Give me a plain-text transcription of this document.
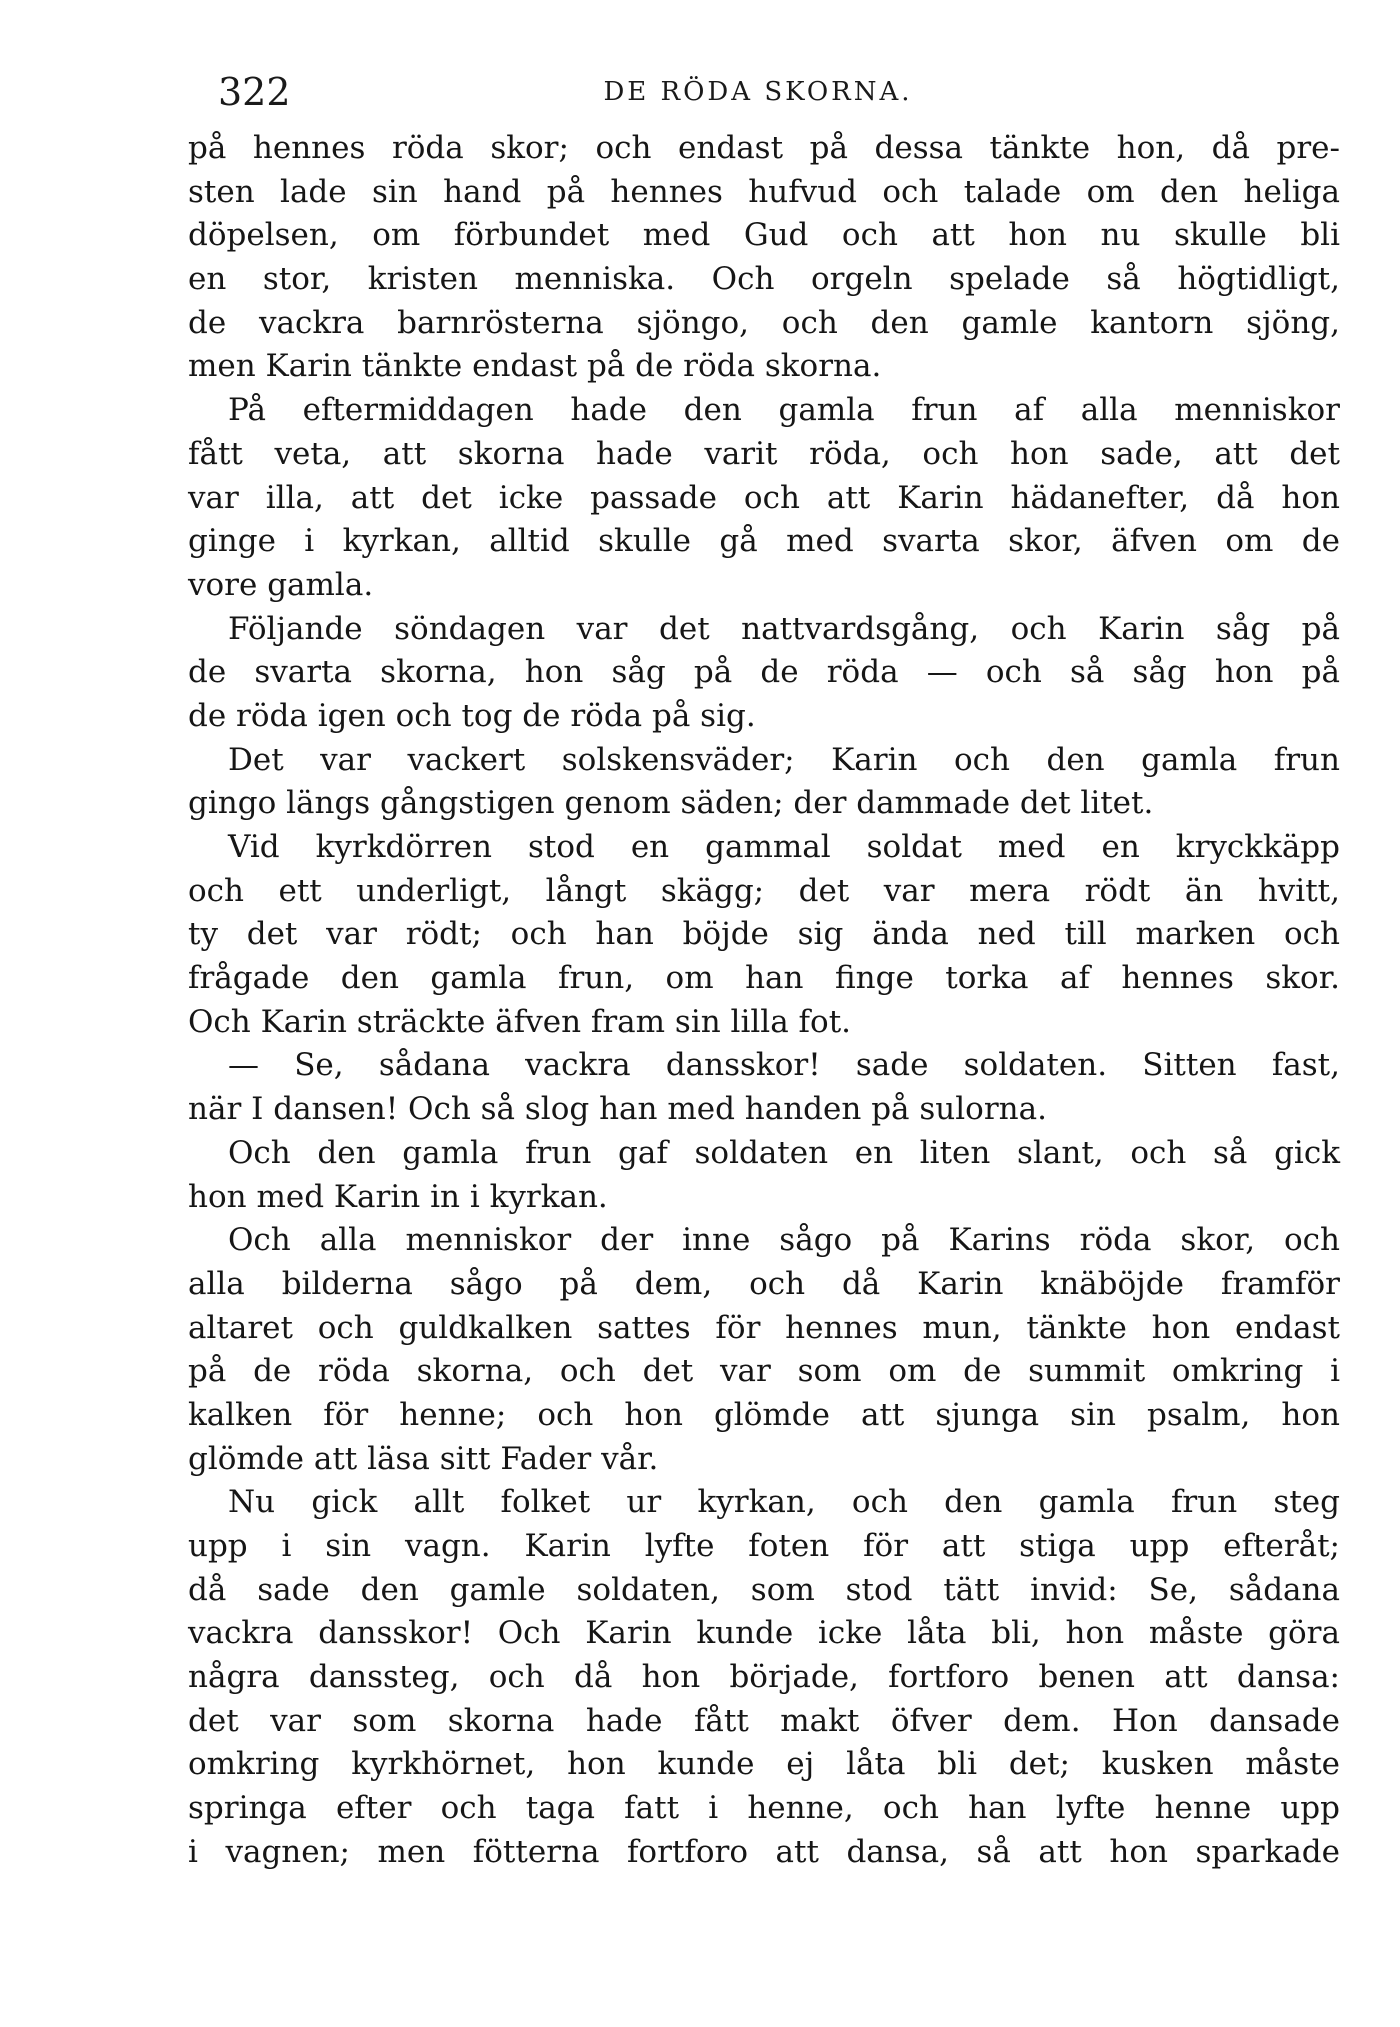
322	DE RÖDA SKORNA.
på hennes röda skor; och endast på dessa tänkte hon, då pre-
sten lade sin hand på hennes hufvud och talade om den heliga
döpelsen, om förbundet med Gud och att hon nu skulle bli
en stor, kristen menniska. Och orgeln spelade så högtidligt,
de vackra barnrösterna sjöngo, och den gamle kantorn sjöng,
men Karin tänkte endast på de röda skorna.
På eftermiddagen hade den gamla frun af alla menniskor
fått veta, att skorna hade varit röda, och hon sade, att det
var illa, att det icke passade och att Karin hädanefter, då hon
ginge i kyrkan, alltid skulle gå med svarta skor, äfven om de
vore gamla.
Följande söndagen var det nattvardsgång, och Karin såg på
de svarta skorna, hon såg på de röda — och så såg hon på
de röda igen och tog de röda på sig.
Det var vackert solskensväder; Karin och den gamla frun
gingo längs gångstigen genom säden; der dammade det litet.
Vid kyrkdörren stod en gammal soldat med en kryckkäpp
och ett underligt, långt skägg; det var mera rödt än hvitt,
ty det var rödt; och han böjde sig ända ned till marken och
frågade den gamla frun, om han finge torka af hennes skor.
Och Karin sträckte äfven fram sin lilla fot.
— Se, sådana vackra dansskor! sade soldaten. Sitten fast,
när I dansen! Och så slog han med handen på sulorna.
Och den gamla frun gaf soldaten en liten slant, och så gick
hon med Karin in i kyrkan.
Och alla menniskor der inne sågo på Karins röda skor, och
alla bilderna sågo på dem, och då Karin knäböjde framför
altaret och guldkalken sattes för hennes mun, tänkte hon endast
på de röda skorna, och det var som om de summit omkring i
kalken för henne; och hon glömde att sjunga sin psalm, hon
glömde att läsa sitt Fader vår.
Nu gick allt folket ur kyrkan, och den gamla frun steg
upp i sin vagn. Karin lyfte foten för att stiga upp efteråt;
då sade den gamle soldaten, som stod tätt invid: Se, sådana
vackra dansskor! Och Karin kunde icke låta bli, hon måste göra
några danssteg, och då hon började, fortforo benen att dansa:
det var som skorna hade fått makt öfver dem. Hon dansade
omkring kyrkhörnet, hon kunde ej låta bli det; kusken måste
springa efter och taga fatt i henne, och han lyfte henne upp
i vagnen; men fötterna fortforo att dansa, så att hon sparkade
